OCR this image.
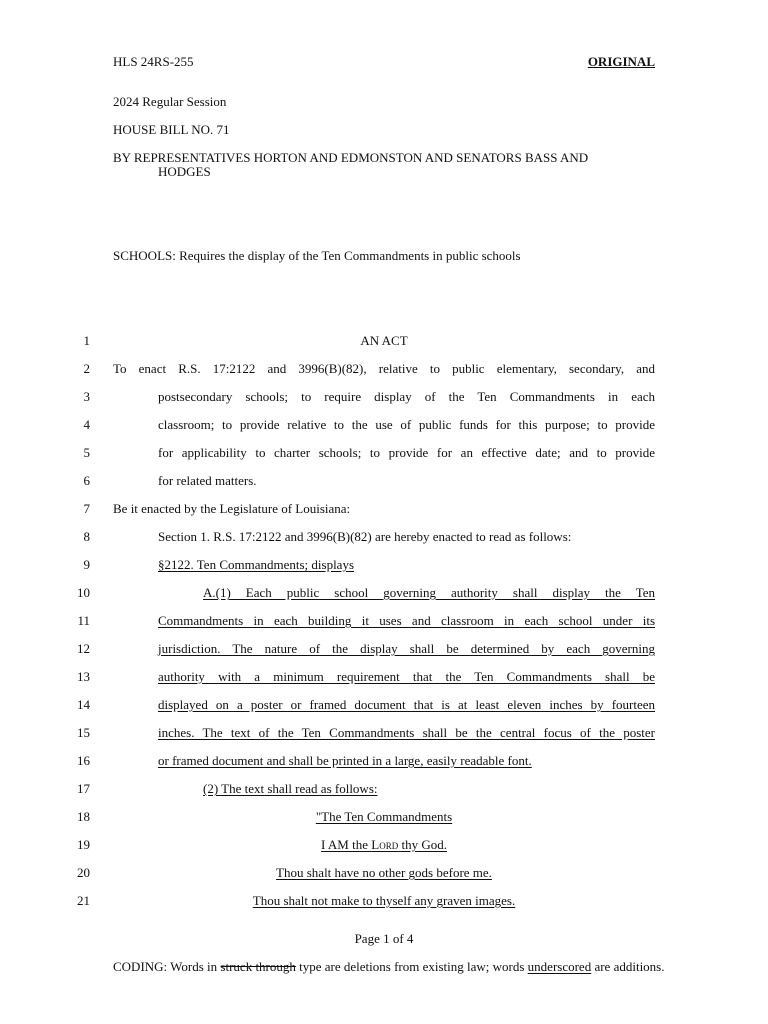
HLS 24RS-255	ORIGINAL
2024 Regular Session
HOUSE BILL NO. 71
BY REPRESENTATIVES HORTON AND EDMONSTON AND SENATORS BASS AND
HODGES
SCHOOLS: Requires the display of the Ten Commandments in public schools
1	AN ACT
2 To enact R.S. 17:2122 and 3996(B)(82), relative to public elementary, secondary, and
3	postsecondary schools; to require display of the Ten Commandments in each
4	classroom; to provide relative to the use of public funds for this purpose; to provide
5	for applicability to charter schools; to provide for an effective date; and to provide
6	for related matters.
7 Be it enacted by the Legislature of Louisiana:
8	Section 1. R.S. 17:2122 and 3996(B)(82) are hereby enacted to read as follows:
9	§2122. Ten Commandments; displays
10	A.(1) Each public school governing authority shall display the Ten
11	Commandments in each building it uses and classroom in each school under its
12	jurisdiction. The nature of the display shall be determined by each governing
13	authority with a minimum requirement that the Ten Commandments shall be
14	displayed on a poster or framed document that is at least eleven inches by fourteen
15	inches. The text of the Ten Commandments shall be the central focus of the poster
16	or framed document and shall be printed in a large, easily readable font.
17	(2) The text shall read as follows:
18	"The Ten Commandments
19	I AM the Lord thy God.
20	Thou shalt have no other gods before me.
21	Thou shalt not make to thyself any graven images.
Page 1 of 4
CODING: Words in struck through type are deletions from existing law; words underscored are additions.
